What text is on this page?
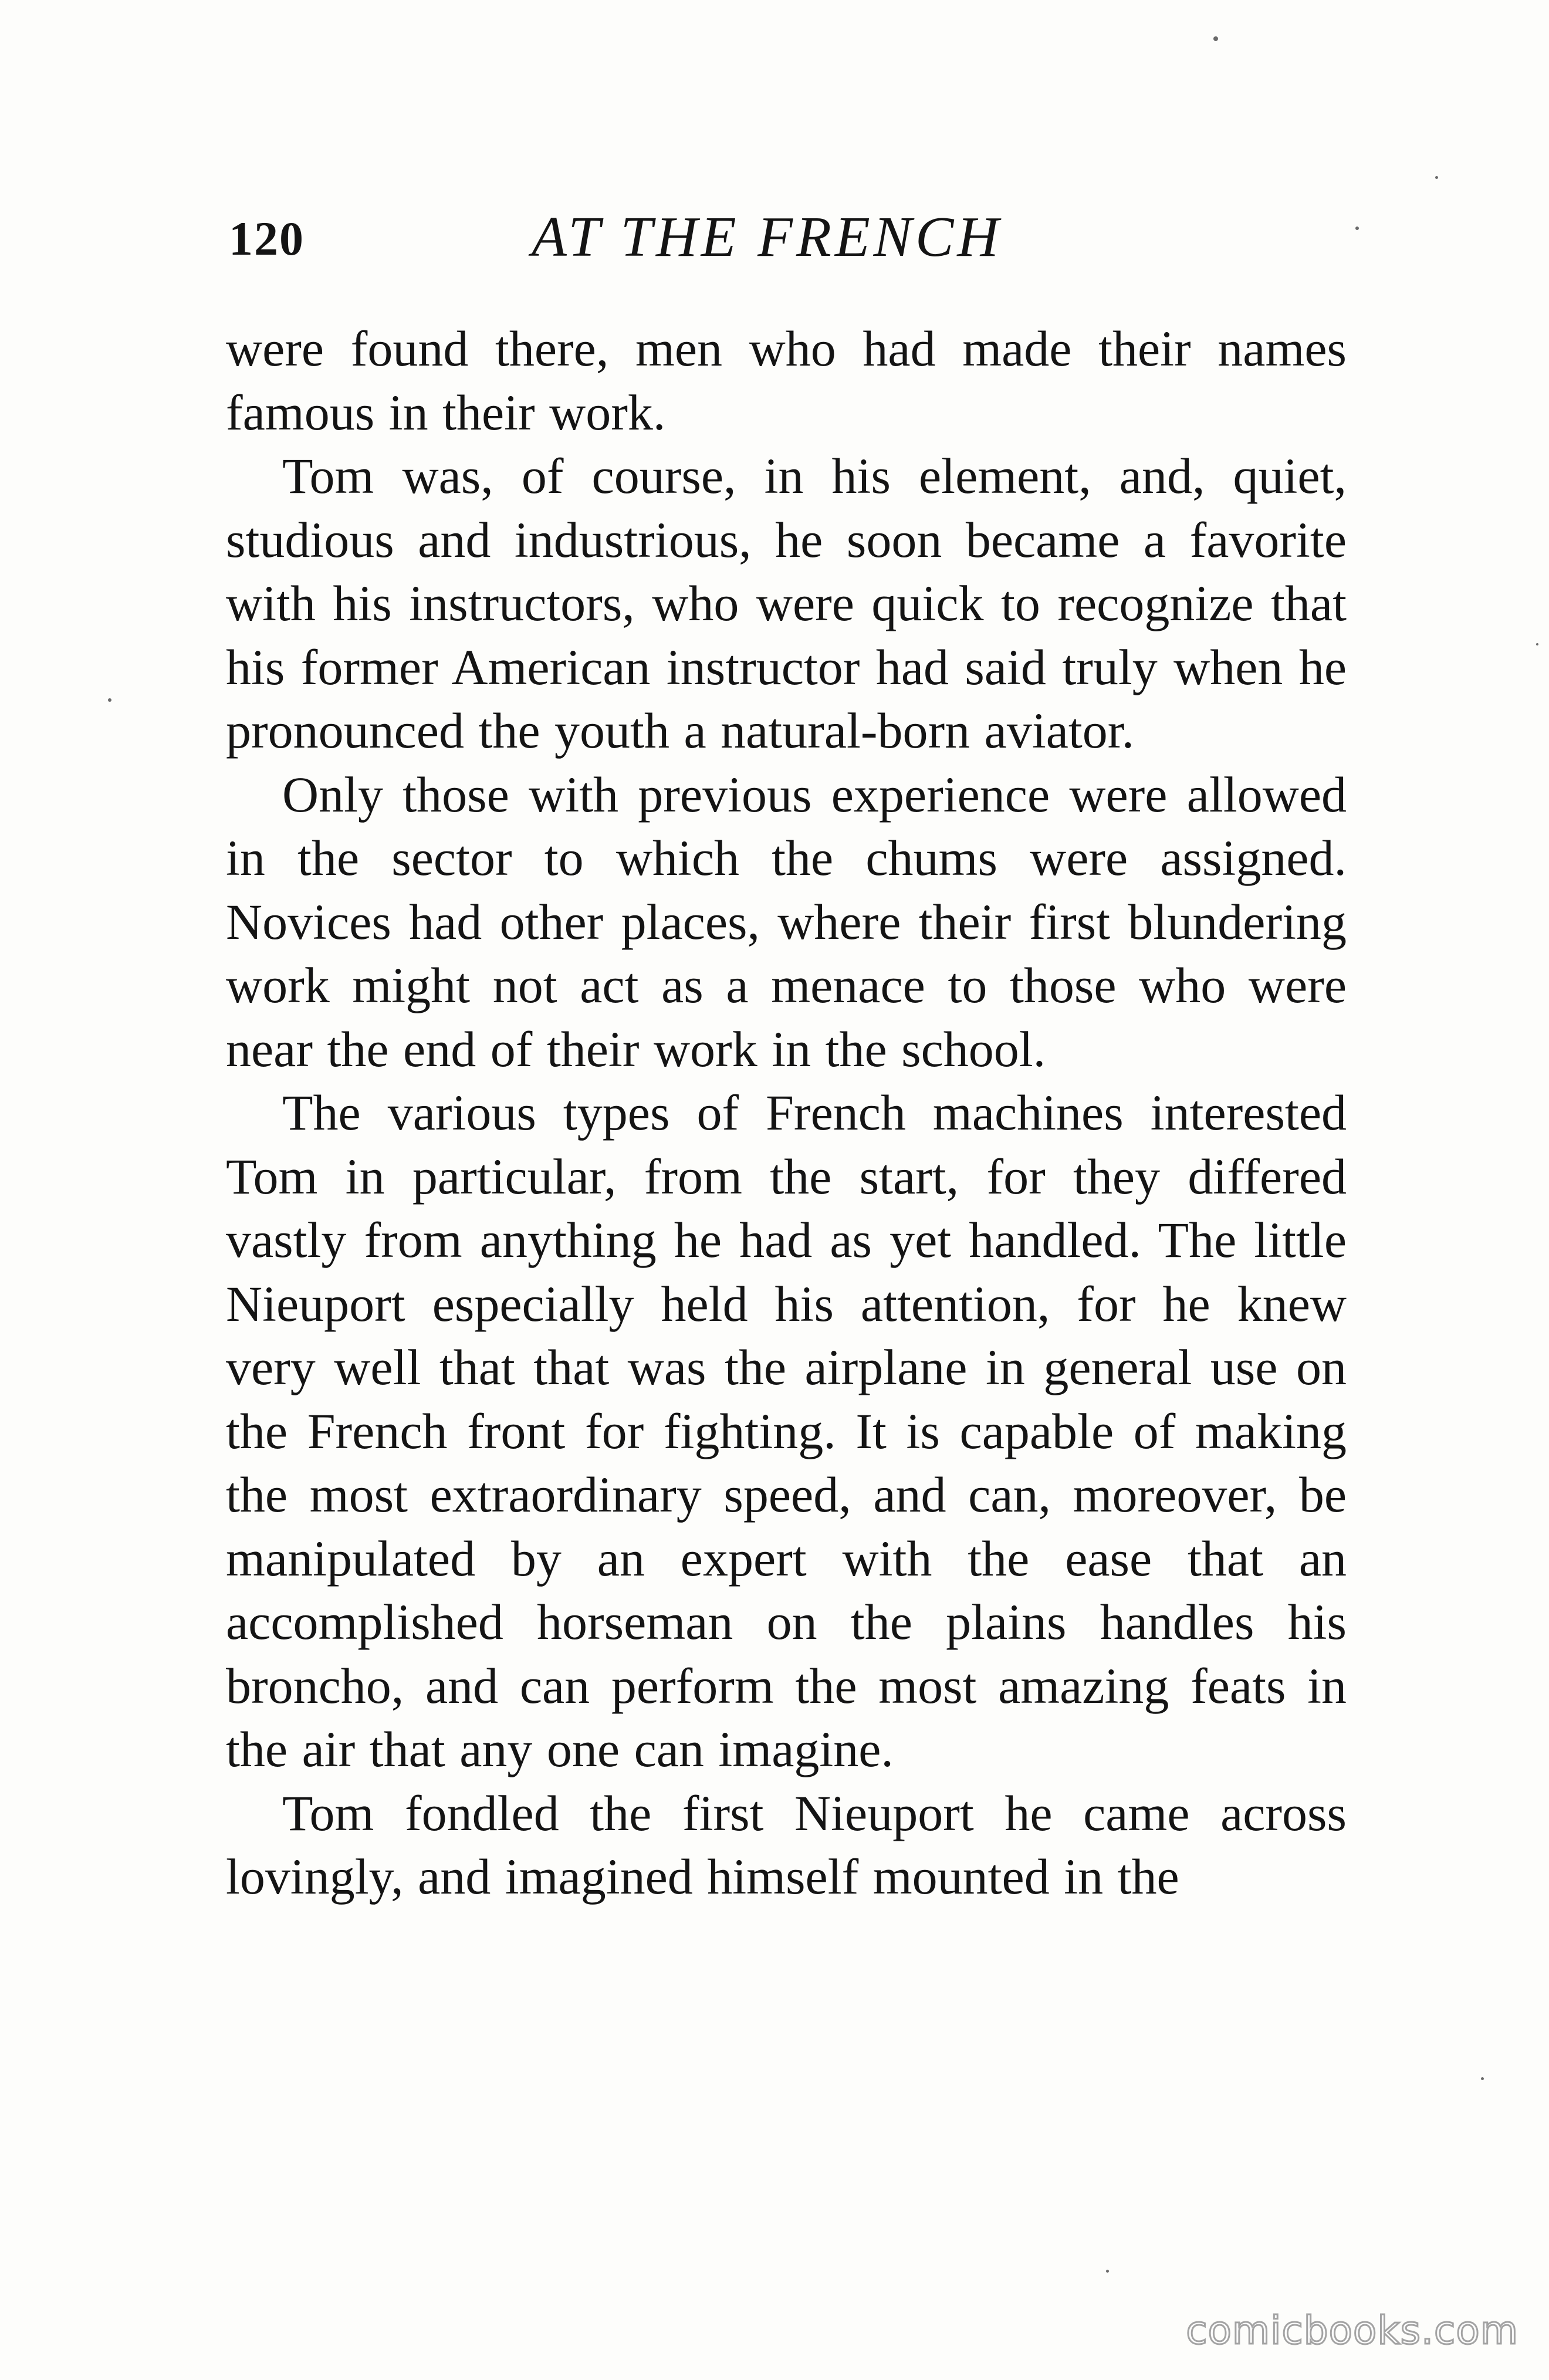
120	AT THE FRENCH

were found there, men who had made their names famous in their work.

Tom was, of course, in his element, and, quiet, studious and industrious, he soon became a favorite with his instructors, who were quick to recognize that his former American instructor had said truly when he pronounced the youth a natural-born aviator.

Only those with previous experience were allowed in the sector to which the chums were assigned. Novices had other places, where their first blundering work might not act as a menace to those who were near the end of their work in the school.

The various types of French machines interested Tom in particular, from the start, for they differed vastly from anything he had as yet handled. The little Nieuport especially held his attention, for he knew very well that that was the airplane in general use on the French front for fighting. It is capable of making the most extraordinary speed, and can, moreover, be manipulated by an expert with the ease that an accomplished horseman on the plains handles his broncho, and can perform the most amazing feats in the air that any one can imagine.

Tom fondled the first Nieuport he came across lovingly, and imagined himself mounted in the

comicbooks.com
